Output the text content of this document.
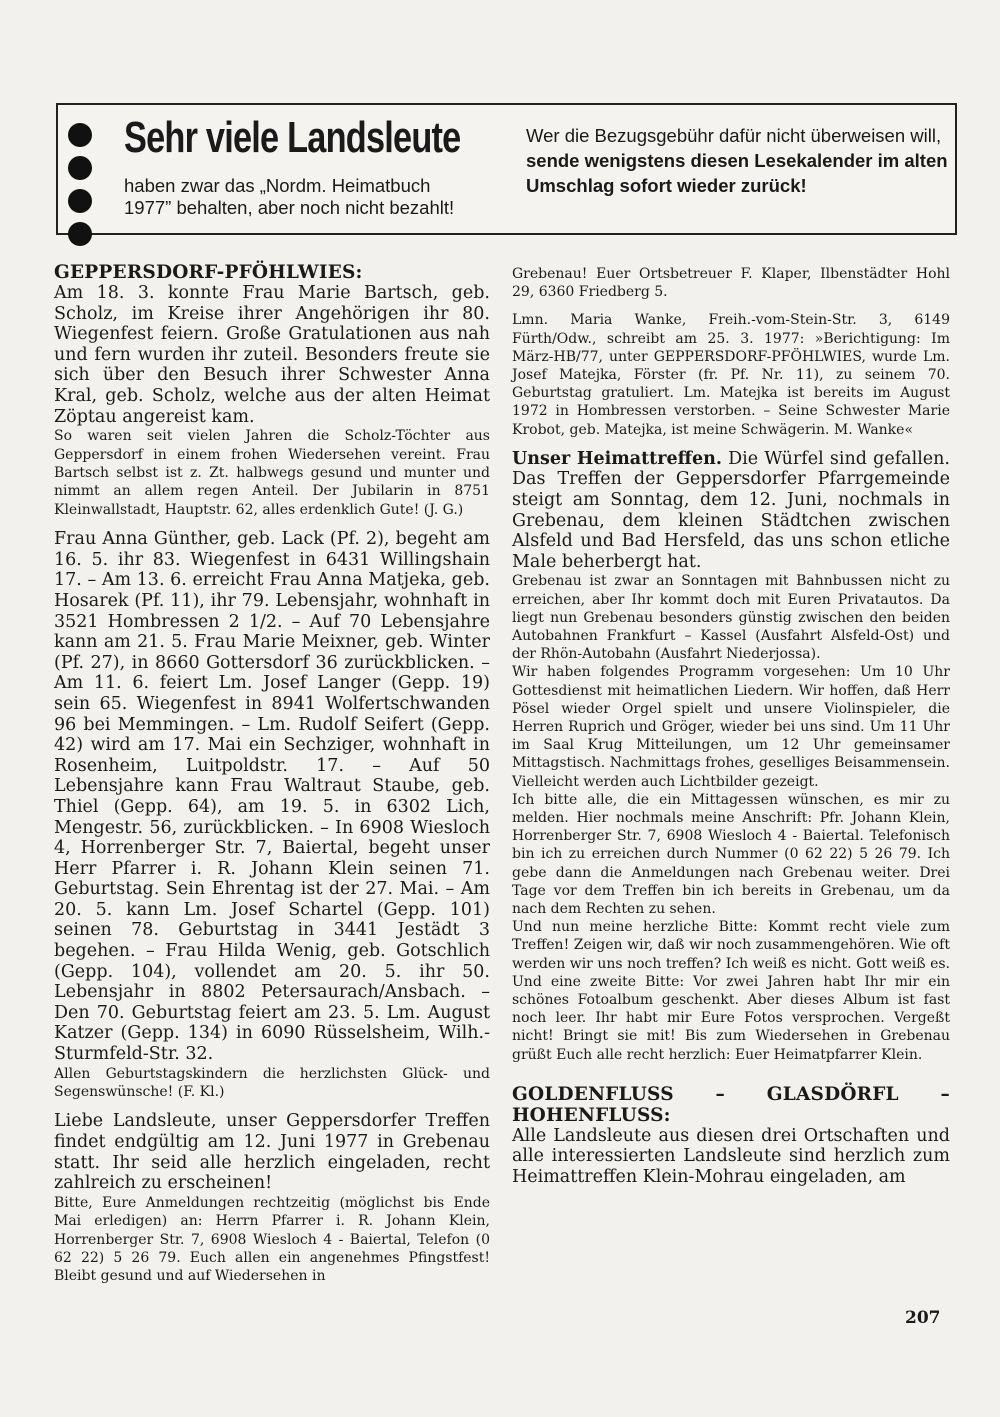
Sehr viele Landsleute
haben zwar das „Nordm. Heimatbuch
1977” behalten, aber noch nicht bezahlt!
Wer die Bezugsgebühr dafür nicht überweisen will, sende wenigstens diesen Lesekalender im alten Umschlag sofort wieder zurück!
GEPPERSDORF-PFÖHLWIES:

Am 18. 3. konnte Frau Marie Bartsch, geb. Scholz, im Kreise ihrer Angehörigen ihr 80. Wiegenfest feiern. Große Gratulationen aus nah und fern wurden ihr zuteil. Besonders freute sie sich über den Besuch ihrer Schwester Anna Kral, geb. Scholz, welche aus der alten Heimat Zöptau angereist kam.

So waren seit vielen Jahren die Scholz-Töchter aus Geppersdorf in einem frohen Wiedersehen vereint. Frau Bartsch selbst ist z. Zt. halbwegs gesund und munter und nimmt an allem regen Anteil. Der Jubilarin in 8751 Kleinwallstadt, Hauptstr. 62, alles erdenklich Gute! (J. G.)

Frau Anna Günther, geb. Lack (Pf. 2), begeht am 16. 5. ihr 83. Wiegenfest in 6431 Willingshain 17. – Am 13. 6. erreicht Frau Anna Matjeka, geb. Hosarek (Pf. 11), ihr 79. Lebensjahr, wohnhaft in 3521 Hombressen 2 1/2. – Auf 70 Lebensjahre kann am 21. 5. Frau Marie Meixner, geb. Winter (Pf. 27), in 8660 Gottersdorf 36 zurückblicken. – Am 11. 6. feiert Lm. Josef Langer (Gepp. 19) sein 65. Wiegenfest in 8941 Wolfertschwanden 96 bei Memmingen. – Lm. Rudolf Seifert (Gepp. 42) wird am 17. Mai ein Sechziger, wohnhaft in Rosenheim, Luitpoldstr. 17. – Auf 50 Lebensjahre kann Frau Waltraut Staube, geb. Thiel (Gepp. 64), am 19. 5. in 6302 Lich, Mengestr. 56, zurückblicken. – In 6908 Wiesloch 4, Horrenberger Str. 7, Baiertal, begeht unser Herr Pfarrer i. R. Johann Klein seinen 71. Geburtstag. Sein Ehrentag ist der 27. Mai. – Am 20. 5. kann Lm. Josef Schartel (Gepp. 101) seinen 78. Geburtstag in 3441 Jestädt 3 begehen. – Frau Hilda Wenig, geb. Gotschlich (Gepp. 104), vollendet am 20. 5. ihr 50. Lebensjahr in 8802 Petersaurach/Ansbach. – Den 70. Geburtstag feiert am 23. 5. Lm. August Katzer (Gepp. 134) in 6090 Rüsselsheim, Wilh.-Sturmfeld-Str. 32.

Allen Geburtstagskindern die herzlichsten Glück- und Segenswünsche! (F. Kl.)

Liebe Landsleute, unser Geppersdorfer Treffen findet endgültig am 12. Juni 1977 in Grebenau statt. Ihr seid alle herzlich eingeladen, recht zahlreich zu erscheinen!

Bitte, Eure Anmeldungen rechtzeitig (möglichst bis Ende Mai erledigen) an: Herrn Pfarrer i. R. Johann Klein, Horrenberger Str. 7, 6908 Wiesloch 4 - Baiertal, Telefon (0 62 22) 5 26 79. Euch allen ein angenehmes Pfingstfest! Bleibt gesund und auf Wiedersehen in

Grebenau! Euer Ortsbetreuer F. Klaper, Ilbenstädter Hohl 29, 6360 Friedberg 5.

Lmn. Maria Wanke, Freih.-vom-Stein-Str. 3, 6149 Fürth/Odw., schreibt am 25. 3. 1977: »Berichtigung: Im März-HB/77, unter GEPPERSDORF-PFÖHLWIES, wurde Lm. Josef Matejka, Förster (fr. Pf. Nr. 11), zu seinem 70. Geburtstag gratuliert. Lm. Matejka ist bereits im August 1972 in Hombressen verstorben. – Seine Schwester Marie Krobot, geb. Matejka, ist meine Schwägerin. M. Wanke«

Unser Heimattreffen. Die Würfel sind gefallen. Das Treffen der Geppersdorfer Pfarrgemeinde steigt am Sonntag, dem 12. Juni, nochmals in Grebenau, dem kleinen Städtchen zwischen Alsfeld und Bad Hersfeld, das uns schon etliche Male beherbergt hat.

Grebenau ist zwar an Sonntagen mit Bahnbussen nicht zu erreichen, aber Ihr kommt doch mit Euren Privatautos. Da liegt nun Grebenau besonders günstig zwischen den beiden Autobahnen Frankfurt – Kassel (Ausfahrt Alsfeld-Ost) und der Rhön-Autobahn (Ausfahrt Niederjossa).

Wir haben folgendes Programm vorgesehen: Um 10 Uhr Gottesdienst mit heimatlichen Liedern. Wir hoffen, daß Herr Pösel wieder Orgel spielt und unsere Violinspieler, die Herren Ruprich und Gröger, wieder bei uns sind. Um 11 Uhr im Saal Krug Mitteilungen, um 12 Uhr gemeinsamer Mittagstisch. Nachmittags frohes, geselliges Beisammensein. Vielleicht werden auch Lichtbilder gezeigt.

Ich bitte alle, die ein Mittagessen wünschen, es mir zu melden. Hier nochmals meine Anschrift: Pfr. Johann Klein, Horrenberger Str. 7, 6908 Wiesloch 4 - Baiertal. Telefonisch bin ich zu erreichen durch Nummer (0 62 22) 5 26 79. Ich gebe dann die Anmeldungen nach Grebenau weiter. Drei Tage vor dem Treffen bin ich bereits in Grebenau, um da nach dem Rechten zu sehen.

Und nun meine herzliche Bitte: Kommt recht viele zum Treffen! Zeigen wir, daß wir noch zusammengehören. Wie oft werden wir uns noch treffen? Ich weiß es nicht. Gott weiß es. Und eine zweite Bitte: Vor zwei Jahren habt Ihr mir ein schönes Fotoalbum geschenkt. Aber dieses Album ist fast noch leer. Ihr habt mir Eure Fotos versprochen. Vergeßt nicht! Bringt sie mit! Bis zum Wiedersehen in Grebenau grüßt Euch alle recht herzlich: Euer Heimatpfarrer Klein.

GOLDENFLUSS – GLASDÖRFL – HOHENFLUSS:

Alle Landsleute aus diesen drei Ortschaften und alle interessierten Landsleute sind herzlich zum Heimattreffen Klein-Mohrau eingeladen, am

207
